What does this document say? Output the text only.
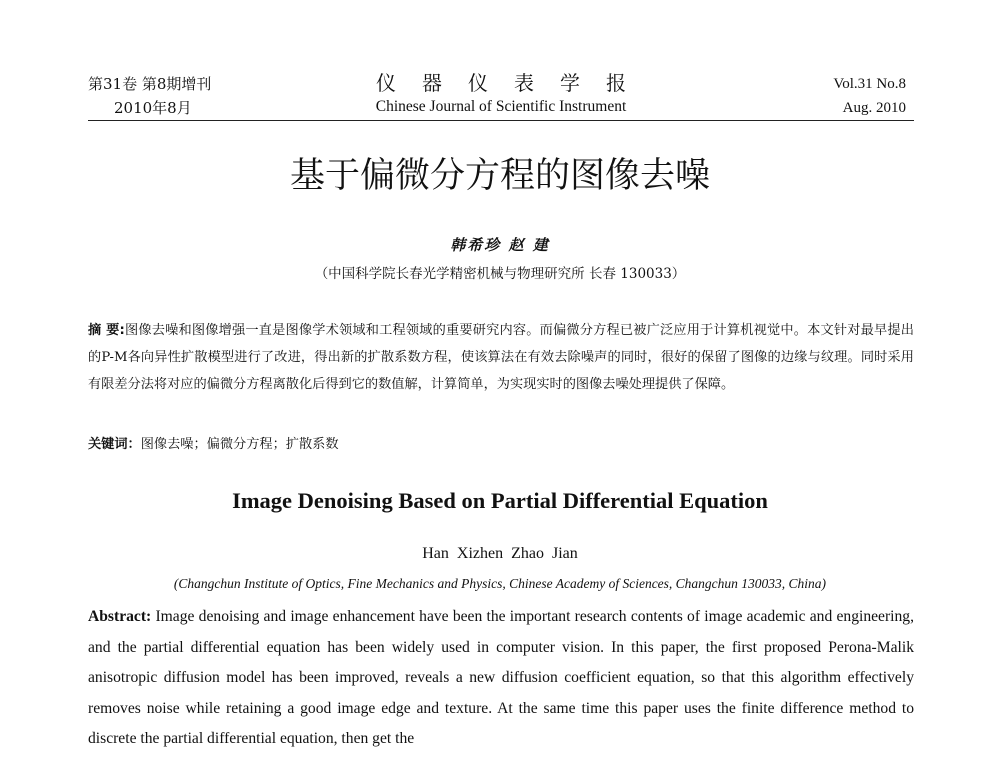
第31卷 第8期增刊
2010年8月
仪器仪表学报
Chinese Journal of Scientific Instrument
Vol.31 No.8
Aug. 2010
基于偏微分方程的图像去噪
韩希珍 赵 建
（中国科学院长春光学精密机械与物理研究所 长春 130033）
摘 要:图像去噪和图像增强一直是图像学术领域和工程领域的重要研究内容。而偏微分方程已被广泛应用于计算机视觉中。本文针对最早提出的P-M各向异性扩散模型进行了改进，得出新的扩散系数方程，使该算法在有效去除噪声的同时，很好的保留了图像的边缘与纹理。同时采用有限差分法将对应的偏微分方程离散化后得到它的数值解，计算简单，为实现实时的图像去噪处理提供了保障。
关键词：图像去噪；偏微分方程；扩散系数
Image Denoising Based on Partial Differential Equation
Han Xizhen Zhao Jian
(Changchun Institute of Optics, Fine Mechanics and Physics, Chinese Academy of Sciences, Changchun 130033, China)
Abstract: Image denoising and image enhancement have been the important research contents of image academic and engineering, and the partial differential equation has been widely used in computer vision. In this paper, the first proposed Perona-Malik anisotropic diffusion model has been improved, reveals a new diffusion coefficient equation, so that this algorithm effectively removes noise while retaining a good image edge and texture. At the same time this paper uses the finite difference method to discrete the partial differential equation, then get the
